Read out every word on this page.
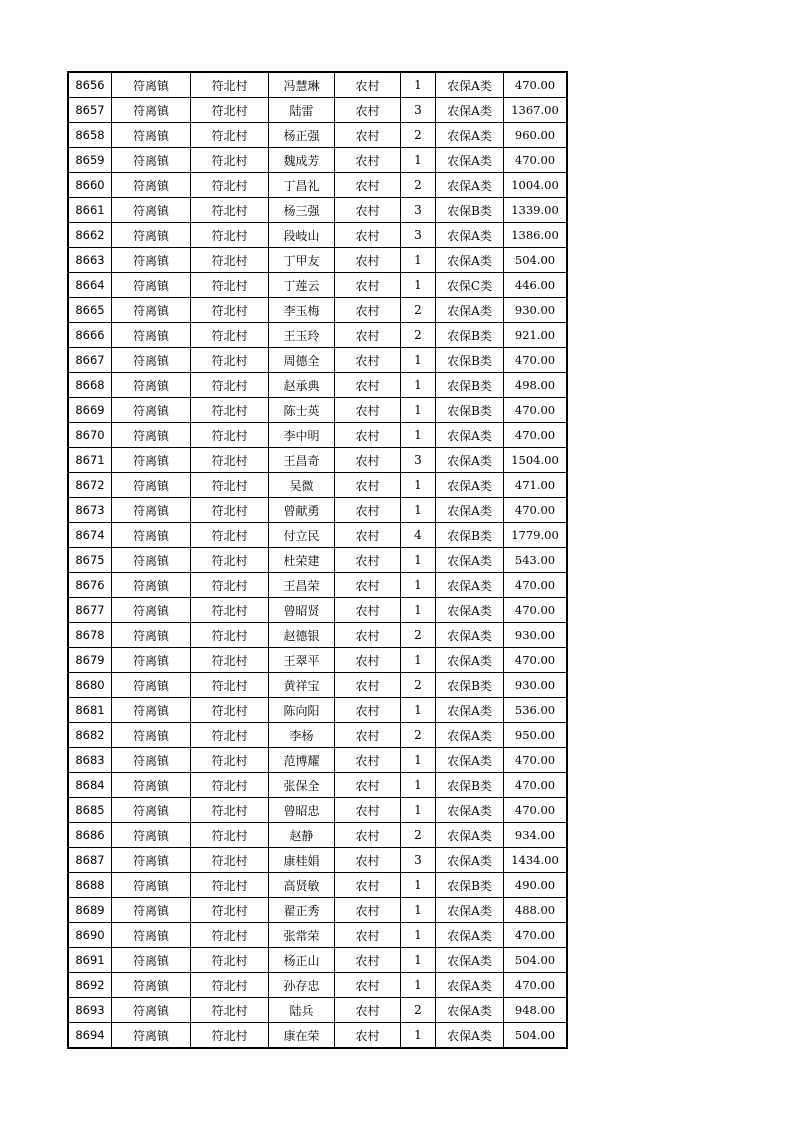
8656	符离镇	符北村	冯慧琳	农村	1	农保A类	470.00
8657	符离镇	符北村	陆雷	农村	3	农保A类	1367.00
8658	符离镇	符北村	杨正强	农村	2	农保A类	960.00
8659	符离镇	符北村	魏成芳	农村	1	农保A类	470.00
8660	符离镇	符北村	丁昌礼	农村	2	农保A类	1004.00
8661	符离镇	符北村	杨三强	农村	3	农保B类	1339.00
8662	符离镇	符北村	段岐山	农村	3	农保A类	1386.00
8663	符离镇	符北村	丁甲友	农村	1	农保A类	504.00
8664	符离镇	符北村	丁莲云	农村	1	农保C类	446.00
8665	符离镇	符北村	李玉梅	农村	2	农保A类	930.00
8666	符离镇	符北村	王玉玲	农村	2	农保B类	921.00
8667	符离镇	符北村	周德全	农村	1	农保B类	470.00
8668	符离镇	符北村	赵承典	农村	1	农保B类	498.00
8669	符离镇	符北村	陈士英	农村	1	农保B类	470.00
8670	符离镇	符北村	李中明	农村	1	农保A类	470.00
8671	符离镇	符北村	王昌奇	农村	3	农保A类	1504.00
8672	符离镇	符北村	吴微	农村	1	农保A类	471.00
8673	符离镇	符北村	曾献勇	农村	1	农保A类	470.00
8674	符离镇	符北村	付立民	农村	4	农保B类	1779.00
8675	符离镇	符北村	杜荣建	农村	1	农保A类	543.00
8676	符离镇	符北村	王昌荣	农村	1	农保A类	470.00
8677	符离镇	符北村	曾昭贤	农村	1	农保A类	470.00
8678	符离镇	符北村	赵德银	农村	2	农保A类	930.00
8679	符离镇	符北村	王翠平	农村	1	农保A类	470.00
8680	符离镇	符北村	黄祥宝	农村	2	农保B类	930.00
8681	符离镇	符北村	陈向阳	农村	1	农保A类	536.00
8682	符离镇	符北村	李杨	农村	2	农保A类	950.00
8683	符离镇	符北村	范博耀	农村	1	农保A类	470.00
8684	符离镇	符北村	张保全	农村	1	农保B类	470.00
8685	符离镇	符北村	曾昭忠	农村	1	农保A类	470.00
8686	符离镇	符北村	赵静	农村	2	农保A类	934.00
8687	符离镇	符北村	康桂娟	农村	3	农保A类	1434.00
8688	符离镇	符北村	高贤敏	农村	1	农保B类	490.00
8689	符离镇	符北村	翟正秀	农村	1	农保A类	488.00
8690	符离镇	符北村	张常荣	农村	1	农保A类	470.00
8691	符离镇	符北村	杨正山	农村	1	农保A类	504.00
8692	符离镇	符北村	孙存忠	农村	1	农保A类	470.00
8693	符离镇	符北村	陆兵	农村	2	农保A类	948.00
8694	符离镇	符北村	康在荣	农村	1	农保A类	504.00
